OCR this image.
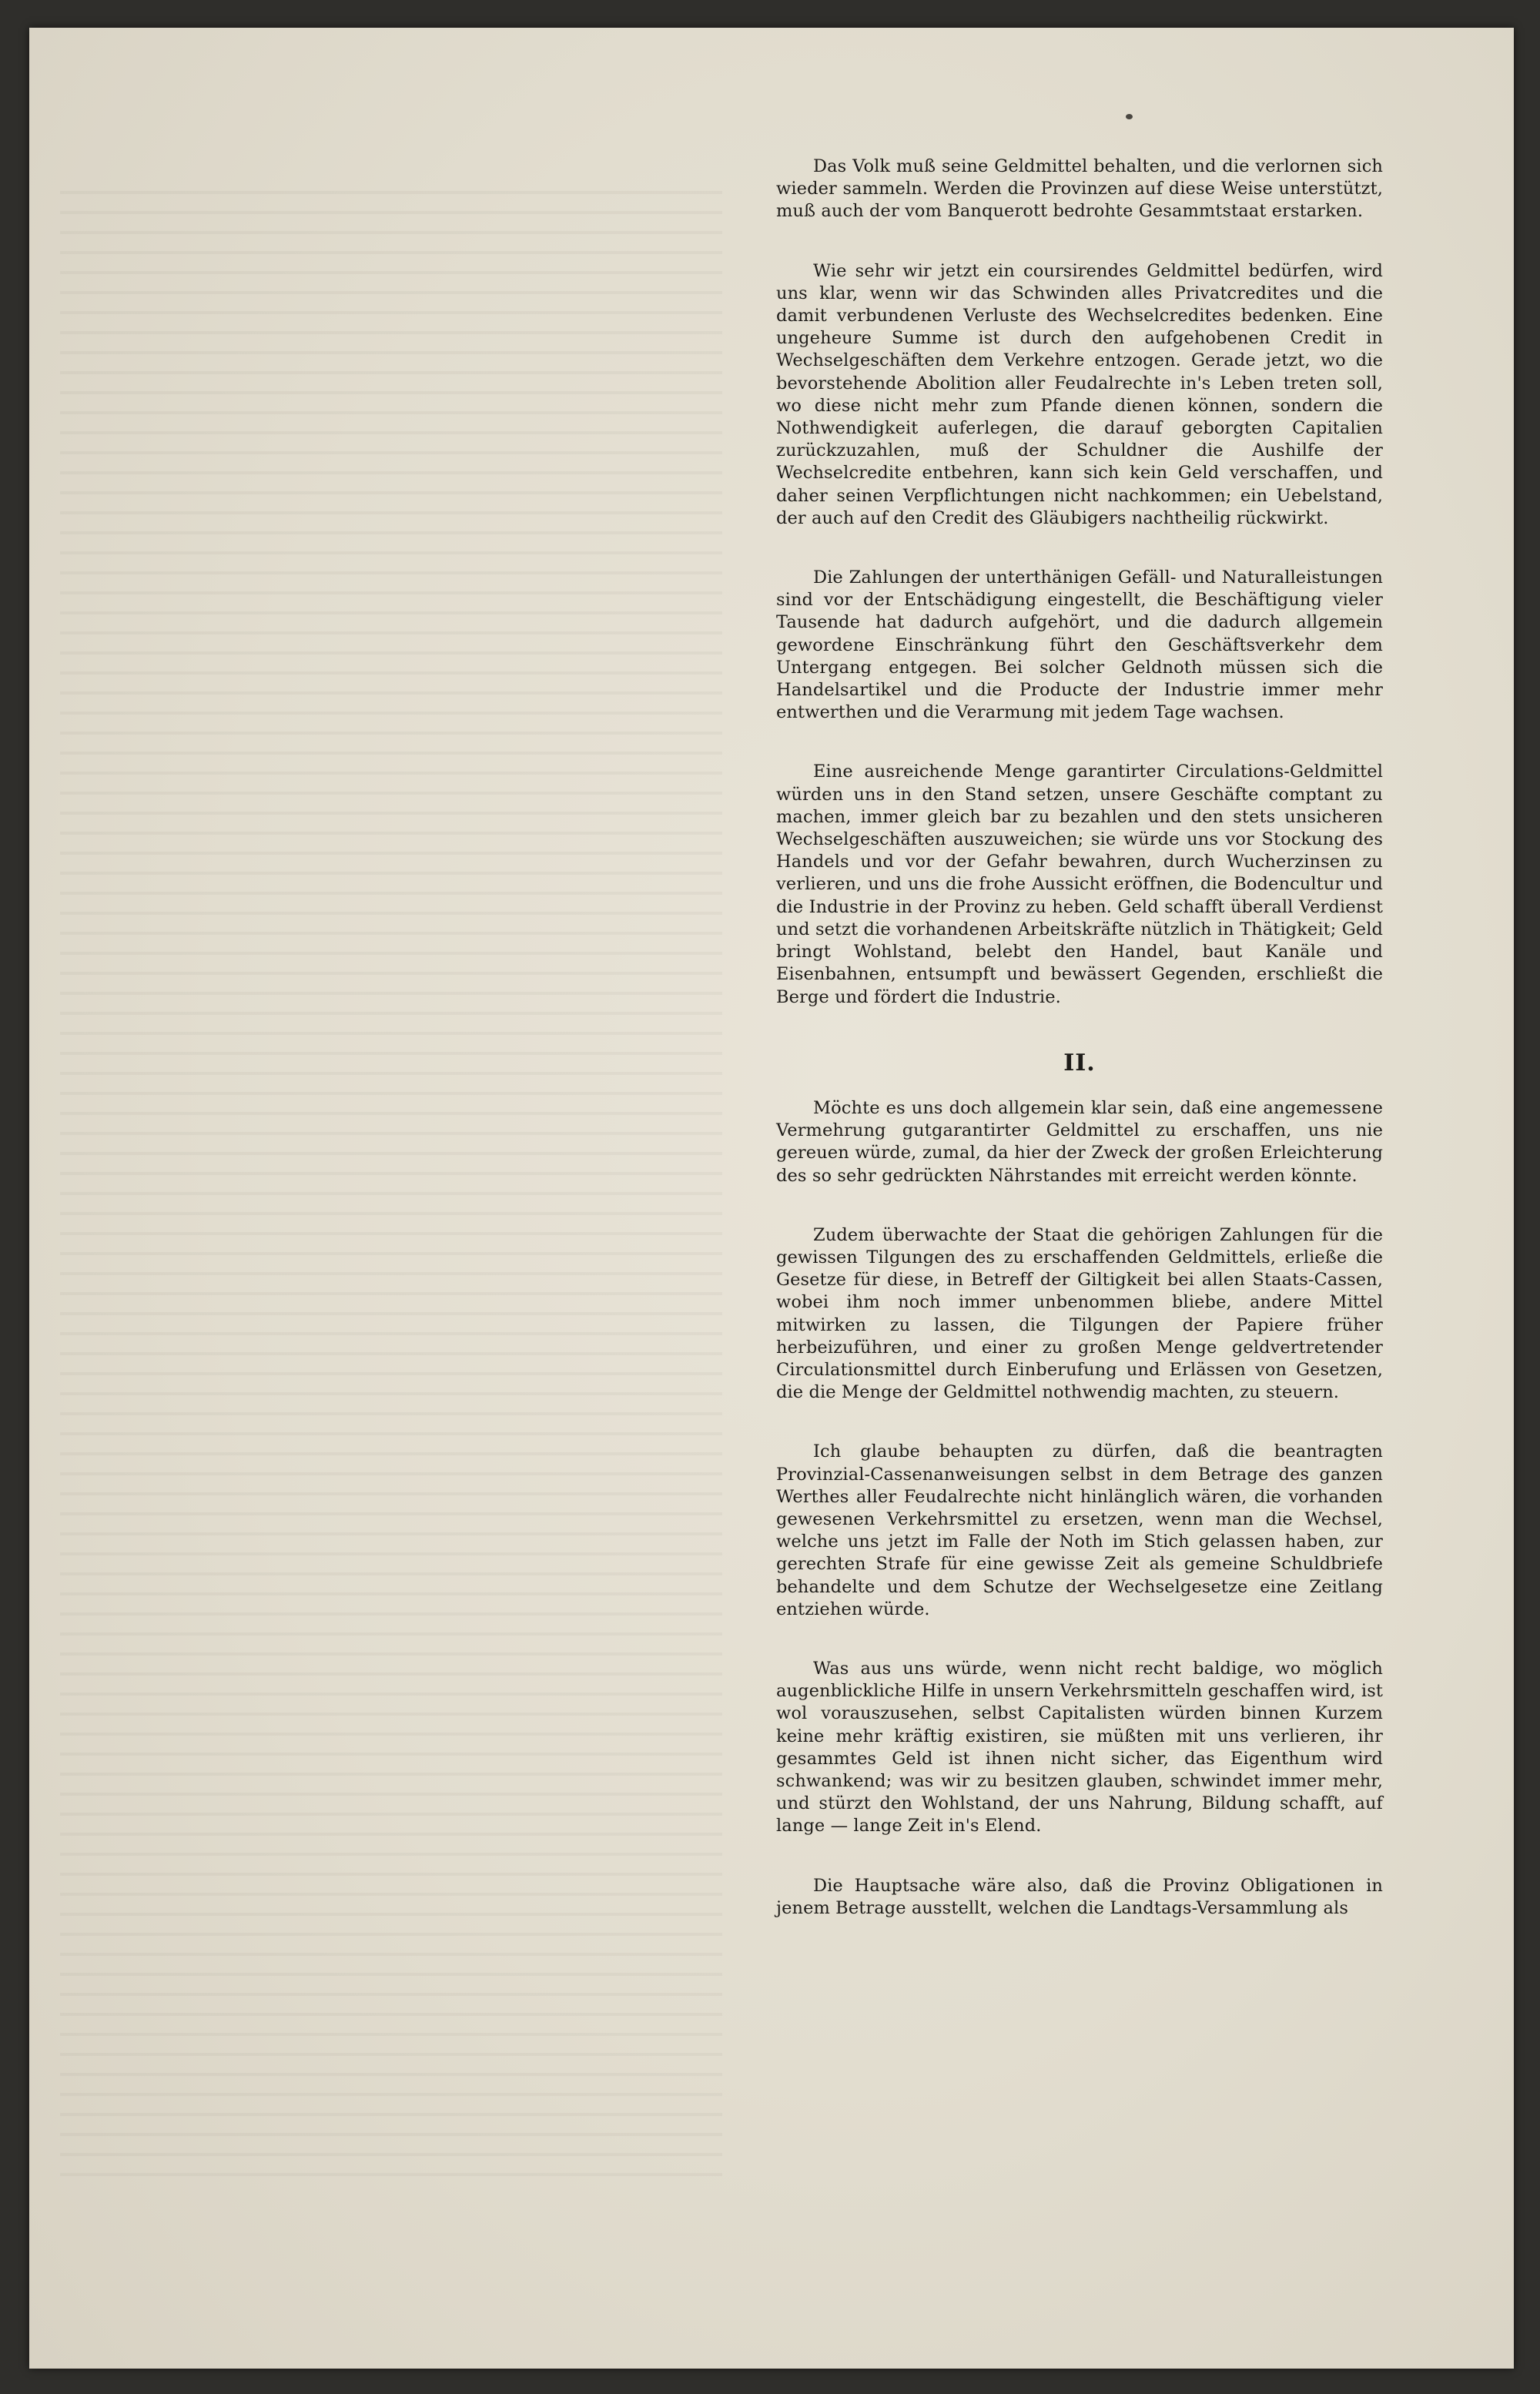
Das Volk muß seine Geldmittel behalten, und die verlornen sich wieder sammeln. Werden die Provinzen auf diese Weise unterstützt, muß auch der vom Banquerott bedrohte Gesammtstaat erstarken.

Wie sehr wir jetzt ein coursirendes Geldmittel bedürfen, wird uns klar, wenn wir das Schwinden alles Privatcredites und die damit verbundenen Verluste des Wechselcredites bedenken. Eine ungeheure Summe ist durch den aufgehobenen Credit in Wechselgeschäften dem Verkehre entzogen. Gerade jetzt, wo die bevorstehende Abolition aller Feudalrechte in's Leben treten soll, wo diese nicht mehr zum Pfande dienen können, sondern die Nothwendigkeit auferlegen, die darauf geborgten Capitalien zurückzuzahlen, muß der Schuldner die Aushilfe der Wechselcredite entbehren, kann sich kein Geld verschaffen, und daher seinen Verpflichtungen nicht nachkommen; ein Uebelstand, der auch auf den Credit des Gläubigers nachtheilig rückwirkt.

Die Zahlungen der unterthänigen Gefäll- und Naturalleistungen sind vor der Entschädigung eingestellt, die Beschäftigung vieler Tausende hat dadurch aufgehört, und die dadurch allgemein gewordene Einschränkung führt den Geschäftsverkehr dem Untergang entgegen. Bei solcher Geldnoth müssen sich die Handelsartikel und die Producte der Industrie immer mehr entwerthen und die Verarmung mit jedem Tage wachsen.

Eine ausreichende Menge garantirter Circulations-Geldmittel würden uns in den Stand setzen, unsere Geschäfte comptant zu machen, immer gleich bar zu bezahlen und den stets unsicheren Wechselgeschäften auszuweichen; sie würde uns vor Stockung des Handels und vor der Gefahr bewahren, durch Wucherzinsen zu verlieren, und uns die frohe Aussicht eröffnen, die Bodencultur und die Industrie in der Provinz zu heben. Geld schafft überall Verdienst und setzt die vorhandenen Arbeitskräfte nützlich in Thätigkeit; Geld bringt Wohlstand, belebt den Handel, baut Kanäle und Eisenbahnen, entsumpft und bewässert Gegenden, erschließt die Berge und fördert die Industrie.

II.

Möchte es uns doch allgemein klar sein, daß eine angemessene Vermehrung gutgarantirter Geldmittel zu erschaffen, uns nie gereuen würde, zumal, da hier der Zweck der großen Erleichterung des so sehr gedrückten Nährstandes mit erreicht werden könnte.

Zudem überwachte der Staat die gehörigen Zahlungen für die gewissen Tilgungen des zu erschaffenden Geldmittels, erließe die Gesetze für diese, in Betreff der Giltigkeit bei allen Staats-Cassen, wobei ihm noch immer unbenommen bliebe, andere Mittel mitwirken zu lassen, die Tilgungen der Papiere früher herbeizuführen, und einer zu großen Menge geldvertretender Circulationsmittel durch Einberufung und Erlässen von Gesetzen, die die Menge der Geldmittel nothwendig machten, zu steuern.

Ich glaube behaupten zu dürfen, daß die beantragten Provinzial-Cassenanweisungen selbst in dem Betrage des ganzen Werthes aller Feudalrechte nicht hinlänglich wären, die vorhanden gewesenen Verkehrsmittel zu ersetzen, wenn man die Wechsel, welche uns jetzt im Falle der Noth im Stich gelassen haben, zur gerechten Strafe für eine gewisse Zeit als gemeine Schuldbriefe behandelte und dem Schutze der Wechselgesetze eine Zeitlang entziehen würde.

Was aus uns würde, wenn nicht recht baldige, wo möglich augenblickliche Hilfe in unsern Verkehrsmitteln geschaffen wird, ist wol vorauszusehen, selbst Capitalisten würden binnen Kurzem keine mehr kräftig existiren, sie müßten mit uns verlieren, ihr gesammtes Geld ist ihnen nicht sicher, das Eigenthum wird schwankend; was wir zu besitzen glauben, schwindet immer mehr, und stürzt den Wohlstand, der uns Nahrung, Bildung schafft, auf lange — lange Zeit in's Elend.

Die Hauptsache wäre also, daß die Provinz Obligationen in jenem Betrage ausstellt, welchen die Landtags-Versammlung als
